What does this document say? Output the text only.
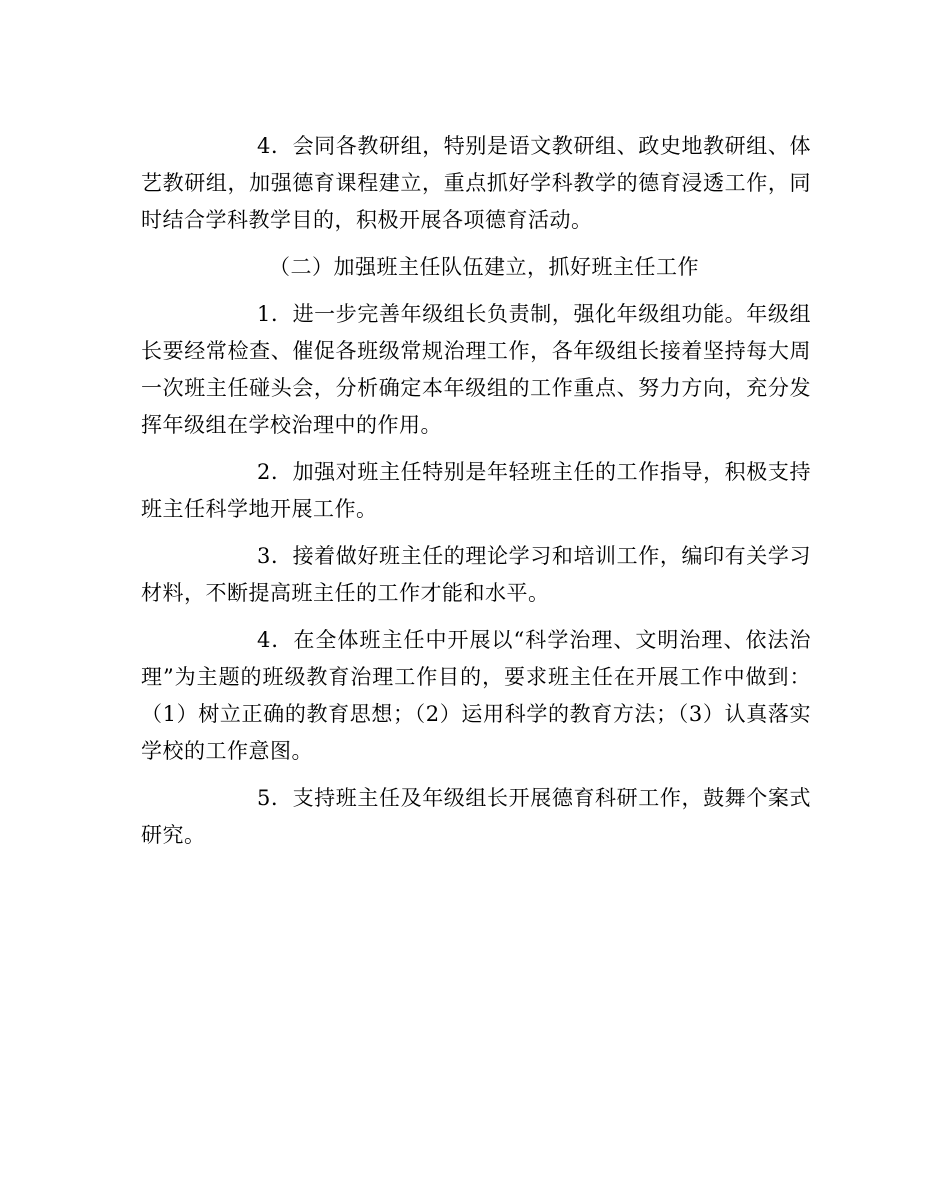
4．会同各教研组，特别是语文教研组、政史地教研组、体艺教研组，加强德育课程建立，重点抓好学科教学的德育浸透工作，同时结合学科教学目的，积极开展各项德育活动。

（二）加强班主任队伍建立，抓好班主任工作

1．进一步完善年级组长负责制，强化年级组功能。年级组长要经常检查、催促各班级常规治理工作，各年级组长接着坚持每大周一次班主任碰头会，分析确定本年级组的工作重点、努力方向，充分发挥年级组在学校治理中的作用。

2．加强对班主任特别是年轻班主任的工作指导，积极支持班主任科学地开展工作。

3．接着做好班主任的理论学习和培训工作，编印有关学习材料，不断提高班主任的工作才能和水平。

4．在全体班主任中开展以“科学治理、文明治理、依法治理”为主题的班级教育治理工作目的，要求班主任在开展工作中做到：（1）树立正确的教育思想；（2）运用科学的教育方法；（3）认真落实学校的工作意图。

5．支持班主任及年级组长开展德育科研工作，鼓舞个案式研究。
